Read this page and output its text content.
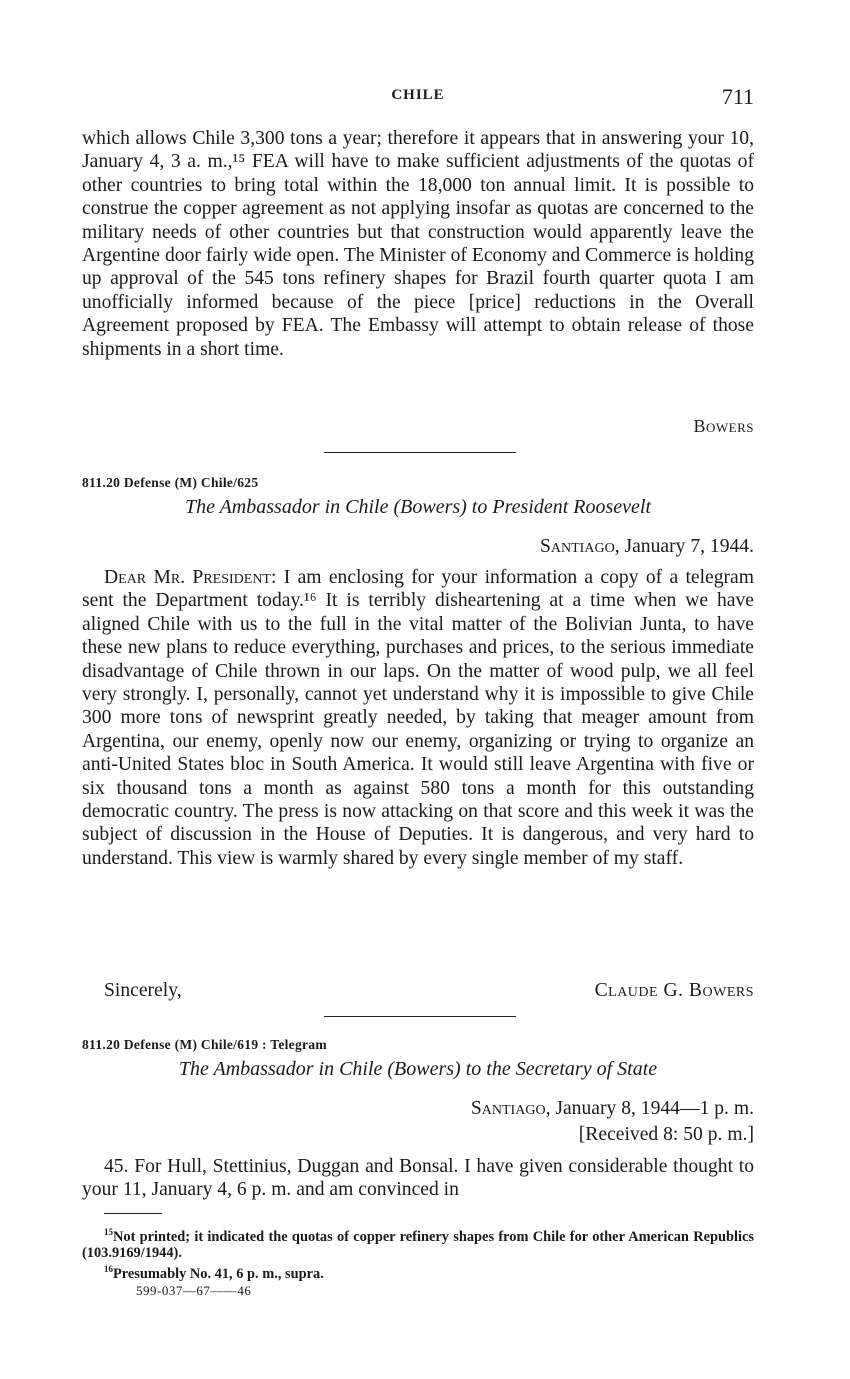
CHILE	711

which allows Chile 3,300 tons a year; therefore it appears that in answering your 10, January 4, 3 a. m.,¹⁵ FEA will have to make sufficient adjustments of the quotas of other countries to bring total within the 18,000 ton annual limit. It is possible to construe the copper agreement as not applying insofar as quotas are concerned to the military needs of other countries but that construction would apparently leave the Argentine door fairly wide open. The Minister of Economy and Commerce is holding up approval of the 545 tons refinery shapes for Brazil fourth quarter quota I am unofficially informed because of the piece [price] reductions in the Overall Agreement proposed by FEA. The Embassy will attempt to obtain release of those shipments in a short time.

Bowers
811.20 Defense (M) Chile/625
The Ambassador in Chile (Bowers) to President Roosevelt
Santiago, January 7, 1944.

Dear Mr. President: I am enclosing for your information a copy of a telegram sent the Department today.¹⁶ It is terribly disheartening at a time when we have aligned Chile with us to the full in the vital matter of the Bolivian Junta, to have these new plans to reduce everything, purchases and prices, to the serious immediate disadvantage of Chile thrown in our laps. On the matter of wood pulp, we all feel very strongly. I, personally, cannot yet understand why it is impossible to give Chile 300 more tons of newsprint greatly needed, by taking that meager amount from Argentina, our enemy, openly now our enemy, organizing or trying to organize an anti-United States bloc in South America. It would still leave Argentina with five or six thousand tons a month as against 580 tons a month for this outstanding democratic country. The press is now attacking on that score and this week it was the subject of discussion in the House of Deputies. It is dangerous, and very hard to understand. This view is warmly shared by every single member of my staff.

Sincerely,	Claude G. Bowers
811.20 Defense (M) Chile/619 : Telegram
The Ambassador in Chile (Bowers) to the Secretary of State
Santiago, January 8, 1944—1 p. m.
[Received 8: 50 p. m.]

45. For Hull, Stettinius, Duggan and Bonsal. I have given considerable thought to your 11, January 4, 6 p. m. and am convinced in

$^{15}$Not printed; it indicated the quotas of copper refinery shapes from Chile for other American Republics (103.9169/1944).

$^{16}$Presumably No. 41, 6 p. m., supra.

599-037—67——46
